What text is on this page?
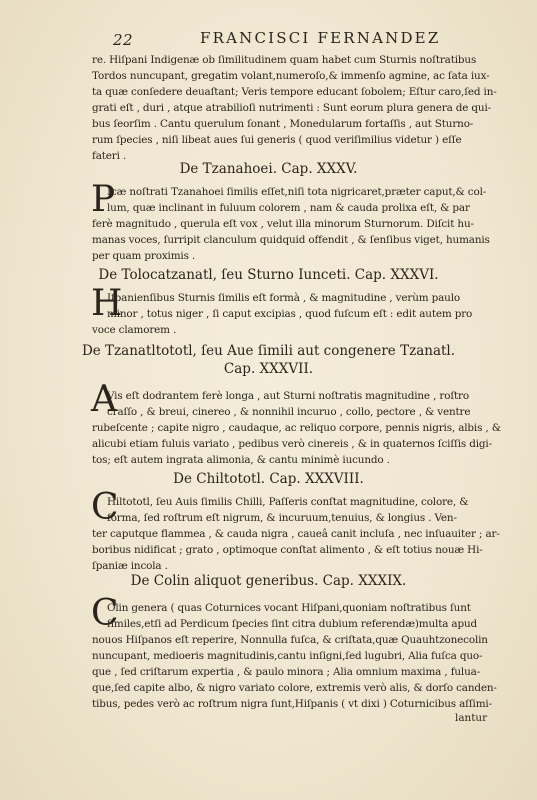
22	FRANCISCI FERNANDEZ
re. Hiſpani Indigenæ ob ſimilitudinem quam habet cum Sturnis noſtratibus
Tordos nuncupant, gregatim volant,numeroſo,& immenſo agmine, ac ſata iux-
ta quæ conſedere deuaſtant; Veris tempore educant ſobolem; Eſtur caro,ſed in-
grati eſt , duri , atque atrabilioſi nutrimenti : Sunt eorum plura genera de qui-
bus ſeorſim . Cantu querulum ſonant , Monedularum fortaſſis , aut Sturno-
rum ſpecies , niſi libeat aues ſui generis ( quod veriſimilius videtur ) eſſe
fateri .
De Tzanahoei. Cap. XXXV.
P
Icæ noſtrati Tzanahoei ſimilis eſſet,niſi tota nigricaret,præter caput,& col-
lum, quæ inclinant in fuluum colorem , nam & cauda prolixa eſt, & par
ferè magnitudo , querula eſt vox , velut illa minorum Sturnorum. Diſcit hu-
manas voces, ſurripit clanculum quidquid offendit , & ſenſibus viget, humanis
per quam proximis .
De Tolocatzanatl, ſeu Sturno Iunceti. Cap. XXXVI.
H
Iſpanienſibus Sturnis ſimilis eſt formà , & magnitudine , verùm paulo
minor , totus niger , ſi caput excipias , quod fuſcum eſt : edit autem pro
voce clamorem .
De Tzanatltototl, ſeu Aue ſimili aut congenere Tzanatl.
Cap. XXXVII.
A
Vis eſt dodrantem ferè longa , aut Sturni noſtratis magnitudine , roſtro
craſſo , & breui, cinereo , & nonnihil incuruo , collo, pectore , & ventre
rubeſcente ; capite nigro , caudaque, ac reliquo corpore, pennis nigris, albis , &
alicubi etiam fuluis variato , pedibus verò cinereis , & in quaternos ſciſſis digi-
tos; eſt autem ingrata alimonia, & cantu minimè iucundo .
De Chiltototl. Cap. XXXVIII.
C
Hiltototl, ſeu Auis ſimilis Chilli, Paſſeris conſtat magnitudine, colore, &
forma, ſed roſtrum eſt nigrum, & incuruum,tenuius, & longius . Ven-
ter caputque flammea , & cauda nigra , caueâ canit incluſa , nec inſuauiter ; ar-
boribus nidificat ; grato , optimoque conſtat alimento , & eſt totius nouæ Hi-
ſpaniæ incola .
De Colin aliquot generibus. Cap. XXXIX.
C
Olin genera ( quas Coturnices vocant Hiſpani,quoniam noſtratibus ſunt
ſimiles,etſi ad Perdicum ſpecies ſint citra dubium referendæ)multa apud
nouos Hiſpanos eſt reperire, Nonnulla fuſca, & criſtata,quæ Quauhtzonecolin
nuncupant, medioeris magnitudinis,cantu inſigni,ſed lugubri, Alia fuſca quo-
que , ſed criſtarum expertia , & paulo minora ; Alia omnium maxima , fulua-
que,ſed capite albo, & nigro variato colore, extremis verò alis, & dorſo canden-
tibus, pedes verò ac roſtrum nigra ſunt,Hiſpanis ( vt dixi ) Coturnicibus aſſimi-
lantur
